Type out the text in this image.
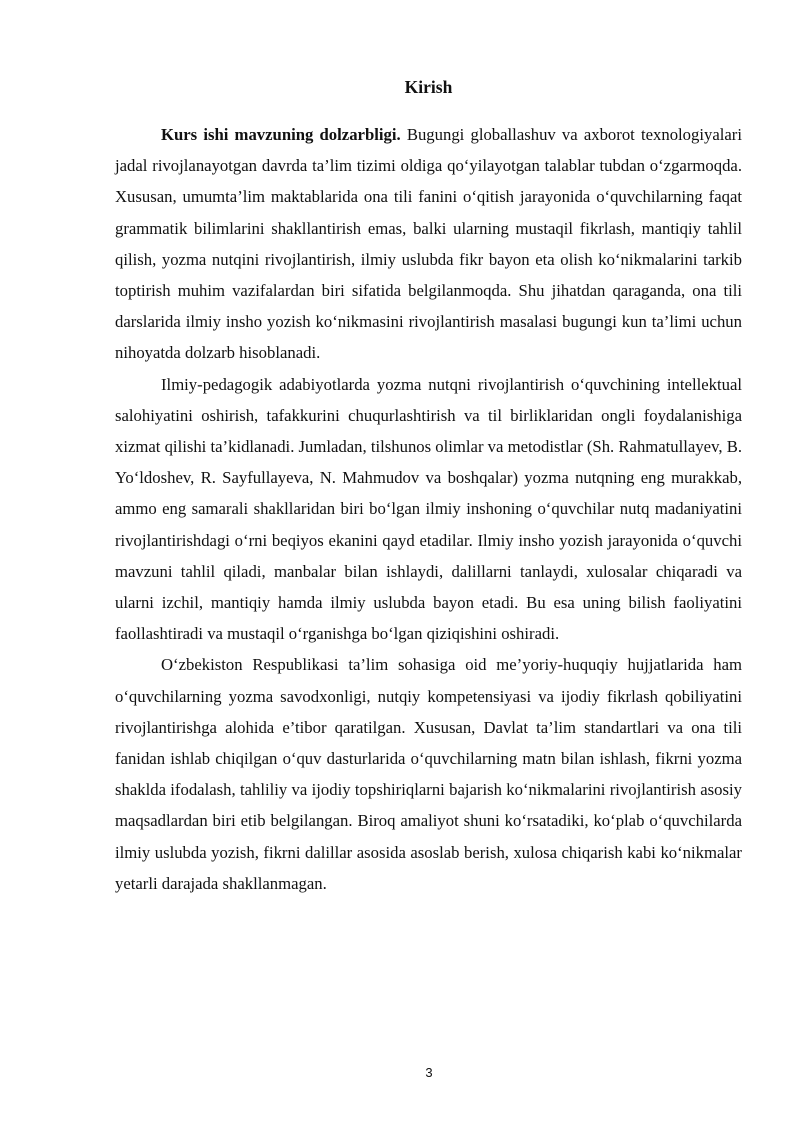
Kirish

Kurs ishi mavzuning dolzarbligi. Bugungi globallashuv va axborot texnologiyalari jadal rivojlanayotgan davrda ta’lim tizimi oldiga qo‘yilayotgan talablar tubdan o‘zgarmoqda. Xususan, umumta’lim maktablarida ona tili fanini o‘qitish jarayonida o‘quvchilarning faqat grammatik bilimlarini shakllantirish emas, balki ularning mustaqil fikrlash, mantiqiy tahlil qilish, yozma nutqini rivojlantirish, ilmiy uslubda fikr bayon eta olish ko‘nikmalarini tarkib toptirish muhim vazifalardan biri sifatida belgilanmoqda. Shu jihatdan qaraganda, ona tili darslarida ilmiy insho yozish ko‘nikmasini rivojlantirish masalasi bugungi kun ta’limi uchun nihoyatda dolzarb hisoblanadi.

Ilmiy-pedagogik adabiyotlarda yozma nutqni rivojlantirish o‘quvchining intellektual salohiyatini oshirish, tafakkurini chuqurlashtirish va til birliklaridan ongli foydalanishiga xizmat qilishi ta’kidlanadi. Jumladan, tilshunos olimlar va metodistlar (Sh. Rahmatullayev, B. Yo‘ldoshev, R. Sayfullayeva, N. Mahmudov va boshqalar) yozma nutqning eng murakkab, ammo eng samarali shakllaridan biri bo‘lgan ilmiy inshoning o‘quvchilar nutq madaniyatini rivojlantirishdagi o‘rni beqiyos ekanini qayd etadilar. Ilmiy insho yozish jarayonida o‘quvchi mavzuni tahlil qiladi, manbalar bilan ishlaydi, dalillarni tanlaydi, xulosalar chiqaradi va ularni izchil, mantiqiy hamda ilmiy uslubda bayon etadi. Bu esa uning bilish faoliyatini faollashtiradi va mustaqil o‘rganishga bo‘lgan qiziqishini oshiradi.

O‘zbekiston Respublikasi ta’lim sohasiga oid me’yoriy-huquqiy hujjatlarida ham o‘quvchilarning yozma savodxonligi, nutqiy kompetensiyasi va ijodiy fikrlash qobiliyatini rivojlantirishga alohida e’tibor qaratilgan. Xususan, Davlat ta’lim standartlari va ona tili fanidan ishlab chiqilgan o‘quv dasturlarida o‘quvchilarning matn bilan ishlash, fikrni yozma shaklda ifodalash, tahliliy va ijodiy topshiriqlarni bajarish ko‘nikmalarini rivojlantirish asosiy maqsadlardan biri etib belgilangan. Biroq amaliyot shuni ko‘rsatadiki, ko‘plab o‘quvchilarda ilmiy uslubda yozish, fikrni dalillar asosida asoslab berish, xulosa chiqarish kabi ko‘nikmalar yetarli darajada shakllanmagan.

3
